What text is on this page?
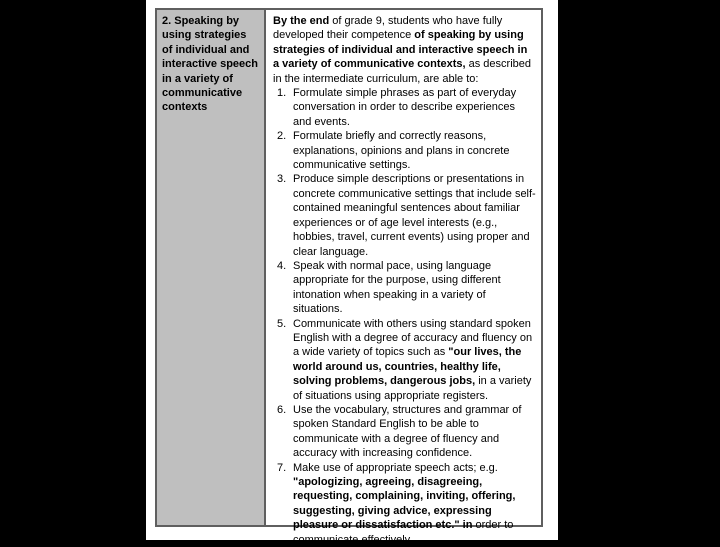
2. Speaking by using strategies of individual and interactive speech in a variety of communicative contexts

By the end of grade 9, students who have fully developed their competence of speaking by using strategies of individual and interactive speech in a variety of communicative contexts, as described in the intermediate curriculum, are able to:

1. Formulate simple phrases as part of everyday conversation in order to describe experiences and events.
2. Formulate briefly and correctly reasons, explanations, opinions and plans in concrete communicative settings.
3. Produce simple descriptions or presentations in concrete communicative settings that include self-contained meaningful sentences about familiar experiences or of age level interests (e.g., hobbies, travel, current events) using proper and clear language.
4. Speak with normal pace, using language appropriate for the purpose, using different intonation when speaking in a variety of situations.
5. Communicate with others using standard spoken English with a degree of accuracy and fluency on a wide variety of topics such as "our lives, the world around us, countries, healthy life, solving problems, dangerous jobs, in a variety of situations using appropriate registers.
6. Use the vocabulary, structures and grammar of spoken Standard English to be able to communicate with a degree of fluency and accuracy with increasing confidence.
7. Make use of appropriate speech acts; e.g. "apologizing, agreeing, disagreeing, requesting, complaining, inviting, offering, suggesting, giving advice, expressing pleasure or dissatisfaction etc." in order to communicate effectively.
